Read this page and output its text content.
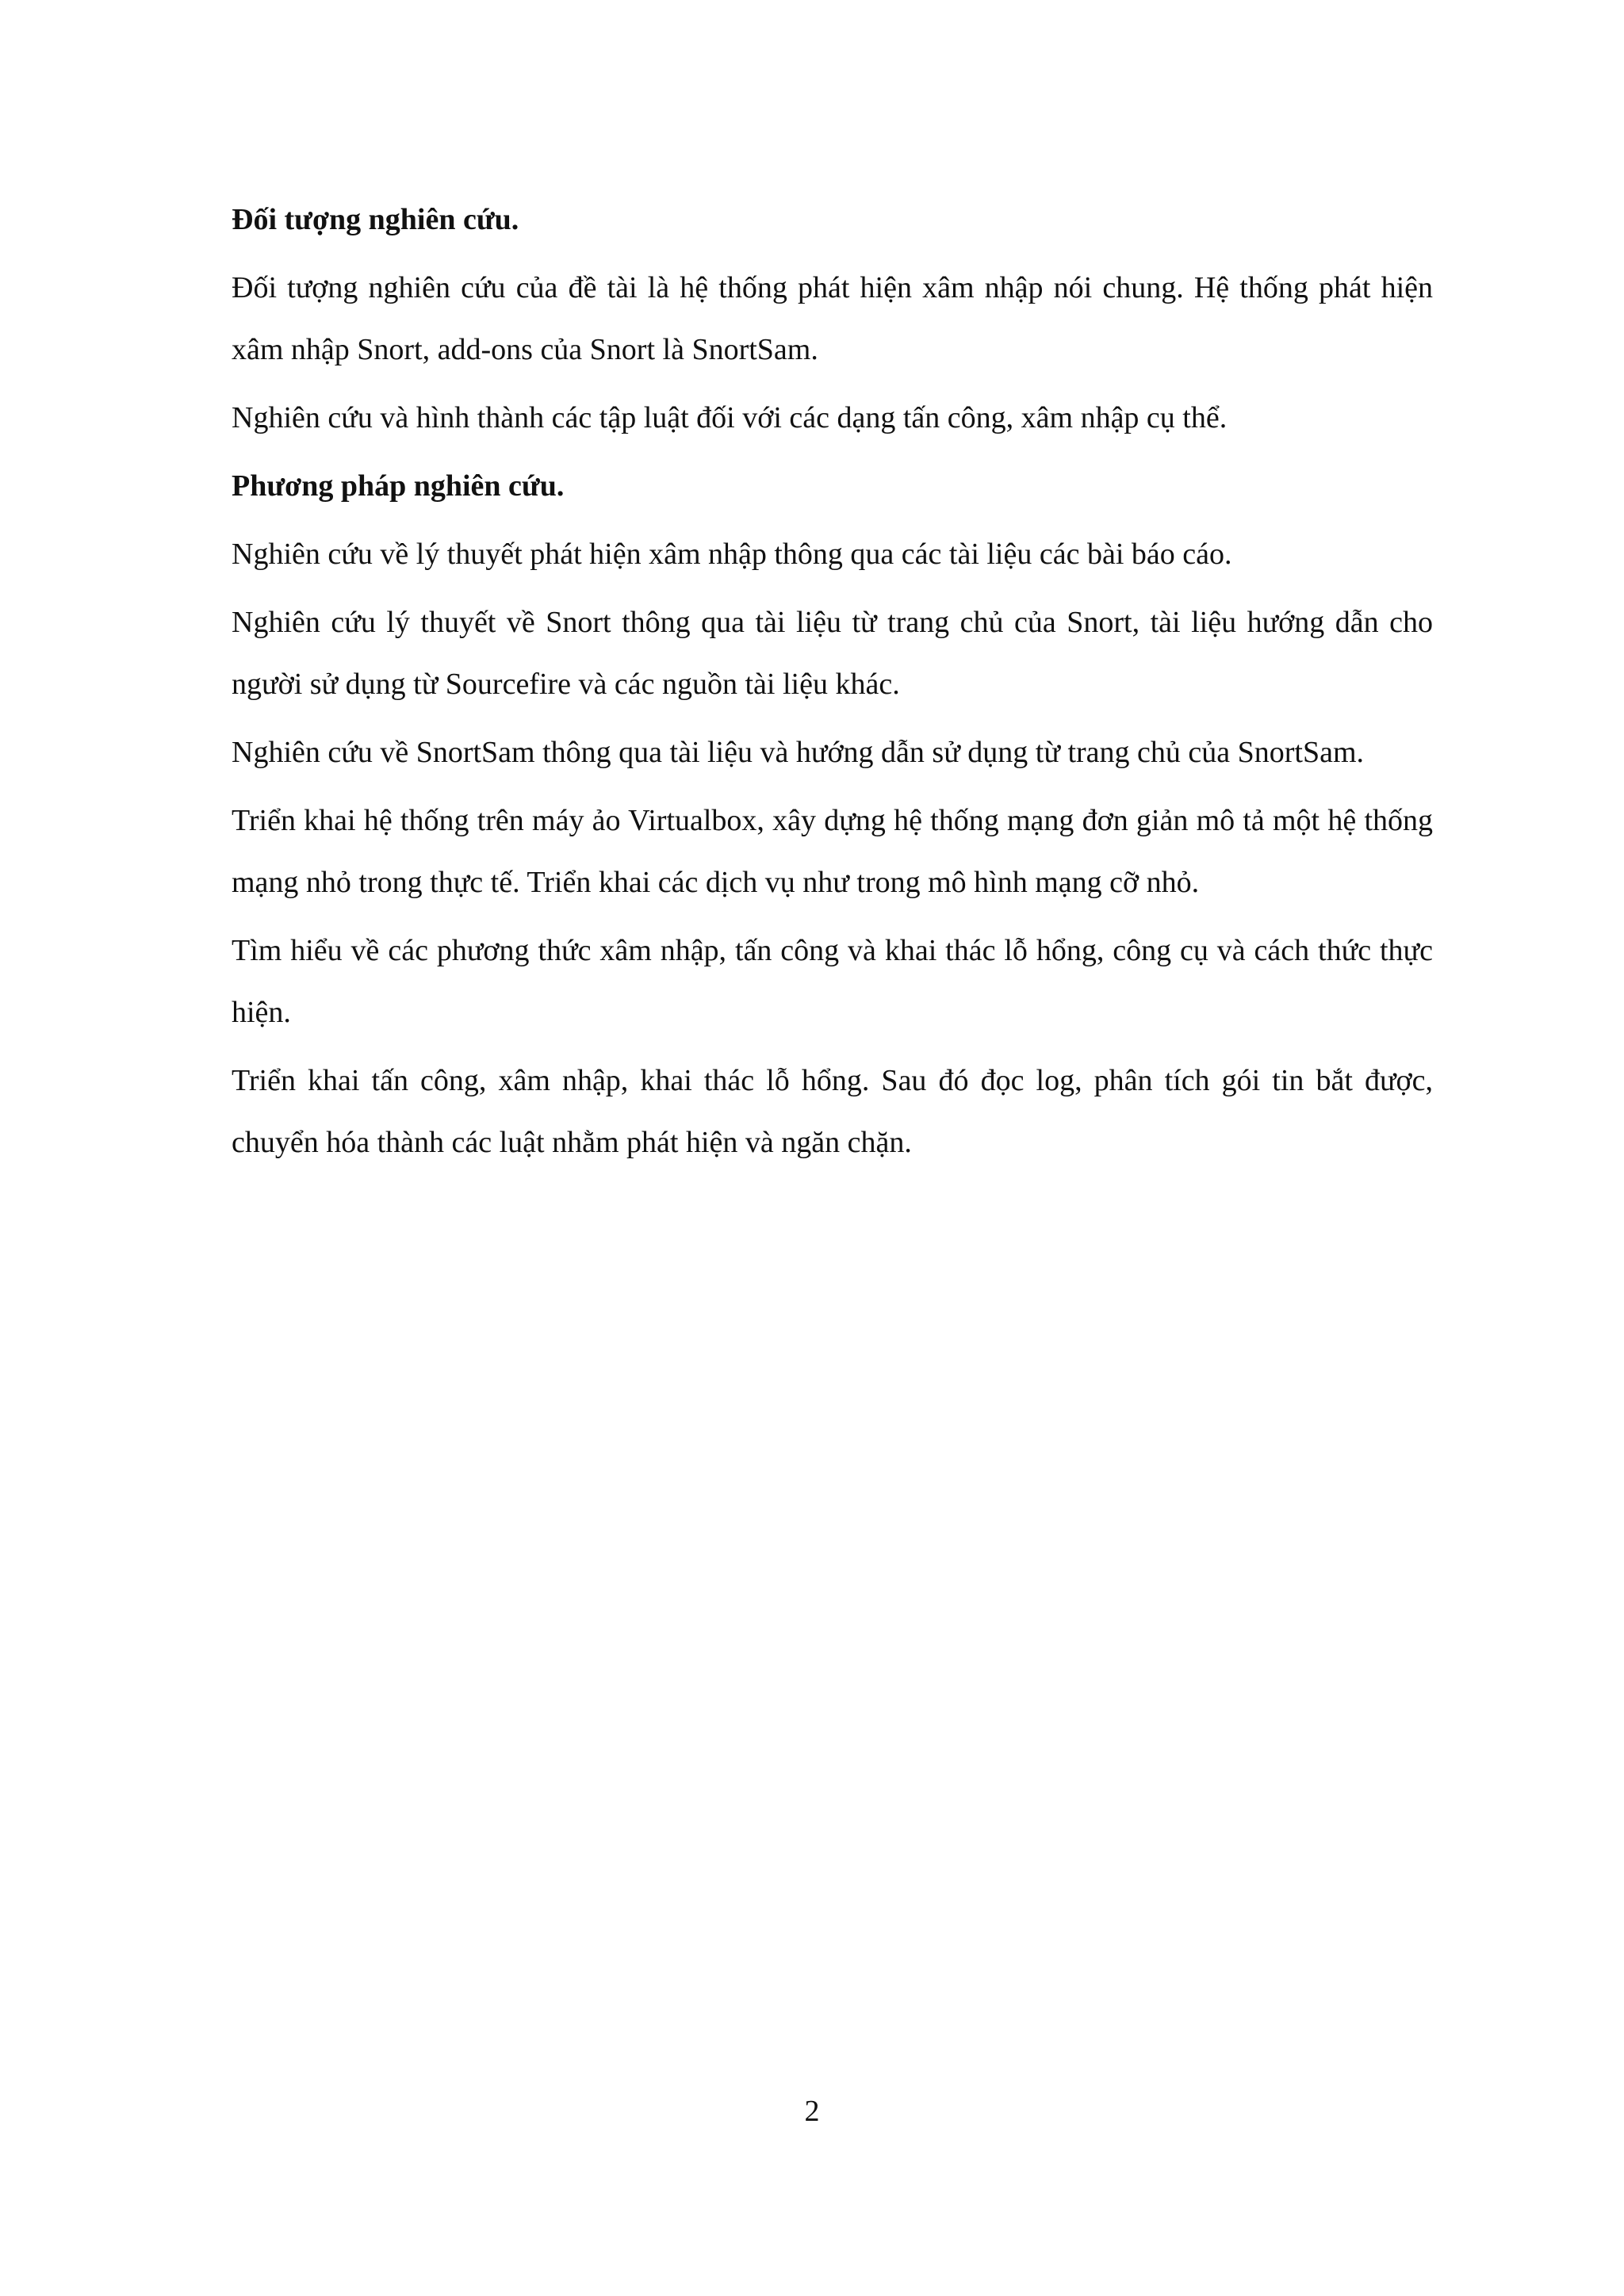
Đối tượng nghiên cứu.

Đối tượng nghiên cứu của đề tài là hệ thống phát hiện xâm nhập nói chung. Hệ thống phát hiện xâm nhập Snort, add-ons của Snort là SnortSam.

Nghiên cứu và hình thành các tập luật đối với các dạng tấn công, xâm nhập cụ thể.

Phương pháp nghiên cứu.

Nghiên cứu về lý thuyết phát hiện xâm nhập thông qua các tài liệu các bài báo cáo.

Nghiên cứu lý thuyết về Snort thông qua tài liệu từ trang chủ của Snort, tài liệu hướng dẫn cho người sử dụng từ Sourcefire và các nguồn tài liệu khác.

Nghiên cứu về SnortSam thông qua tài liệu và hướng dẫn sử dụng từ trang chủ của SnortSam.

Triển khai hệ thống trên máy ảo Virtualbox, xây dựng hệ thống mạng đơn giản mô tả một hệ thống mạng nhỏ trong thực tế. Triển khai các dịch vụ như trong mô hình mạng cỡ nhỏ.

Tìm hiểu về các phương thức xâm nhập, tấn công và khai thác lỗ hổng, công cụ và cách thức thực hiện.

Triển khai tấn công, xâm nhập, khai thác lỗ hổng. Sau đó đọc log, phân tích gói tin bắt được, chuyển hóa thành các luật nhằm phát hiện và ngăn chặn.

2
